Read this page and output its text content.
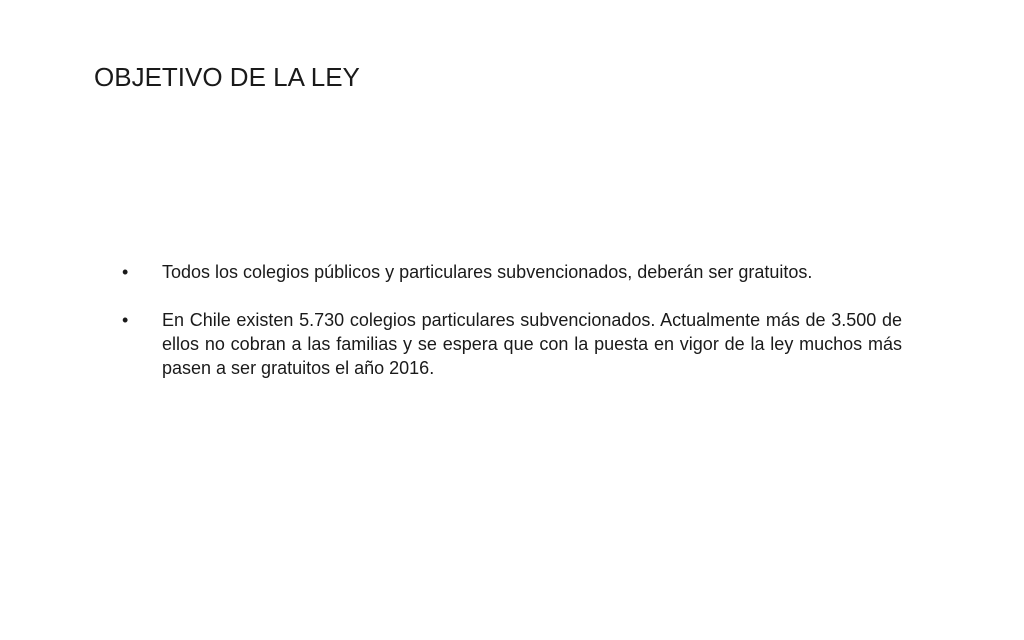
OBJETIVO DE LA LEY
•	Todos los colegios públicos y particulares subvencionados, deberán ser gratuitos.
•	En Chile existen 5.730 colegios particulares subvencionados. Actualmente más de 3.500 de ellos no cobran a las familias y se espera que con la puesta en vigor de la ley muchos más pasen a ser gratuitos el año 2016.
